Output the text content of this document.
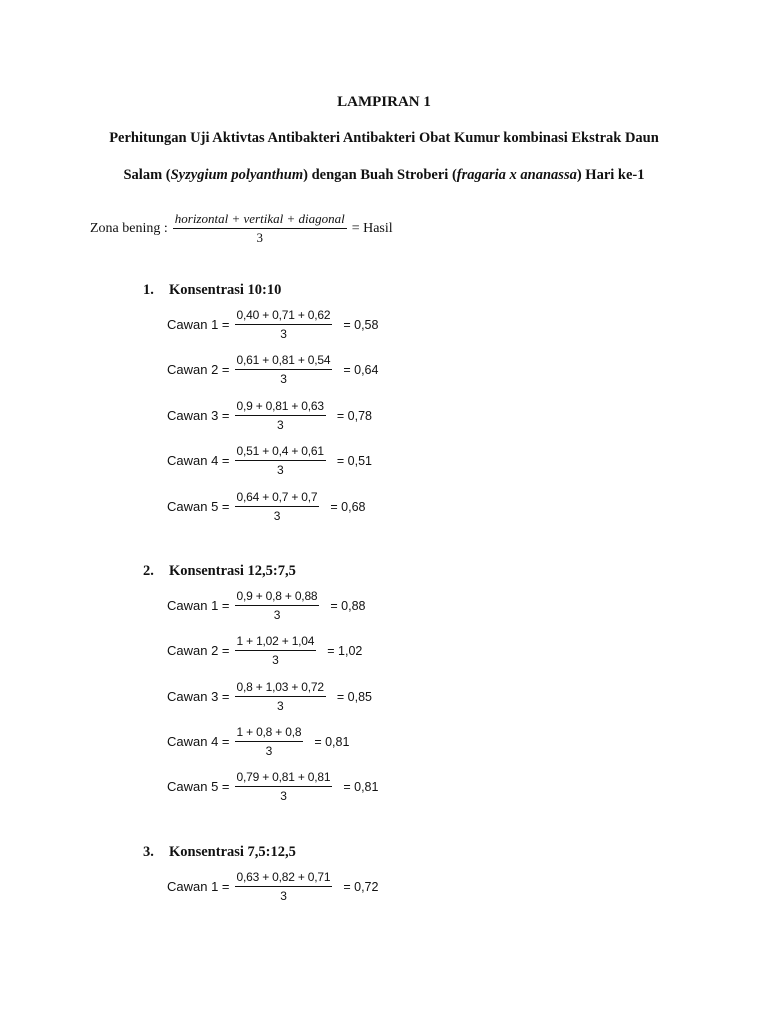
LAMPIRAN 1
Perhitungan Uji Aktivtas Antibakteri Antibakteri Obat Kumur kombinasi Ekstrak Daun
Salam (Syzygium polyanthum) dengan Buah Stroberi (fragaria x ananassa) Hari ke-1
Zona bening : $\frac{\text{horizontal + vertikal + diagonal}}{3}$ = Hasil
1.	Konsentrasi 10:10
Cawan $1 = \frac{0,40 + 0,71 + 0,62}{3} = 0,58$
Cawan $2 = \frac{0,61 + 0,81 + 0,54}{3} = 0,64$
Cawan $3 = \frac{0,9 + 0,81 + 0,63}{3} = 0,78$
Cawan $4 = \frac{0,51 + 0,4 + 0,61}{3} = 0,51$
Cawan $5 = \frac{0,64 + 0,7 + 0,7}{3} = 0,68$
2.	Konsentrasi 12,5:7,5
Cawan $1 = \frac{0,9 + 0,8 + 0,88}{3} = 0,88$
Cawan $2 = \frac{1 + 1,02 + 1,04}{3} = 1,02$
Cawan $3 = \frac{0,8 + 1,03 + 0,72}{3} = 0,85$
Cawan $4 = \frac{1 + 0,8 + 0,8}{3} = 0,81$
Cawan $5 = \frac{0,79 + 0,81 + 0,81}{3} = 0,81$
3.	Konsentrasi 7,5:12,5
Cawan $1 = \frac{0,63 + 0,82 + 0,71}{3} = 0,72$
